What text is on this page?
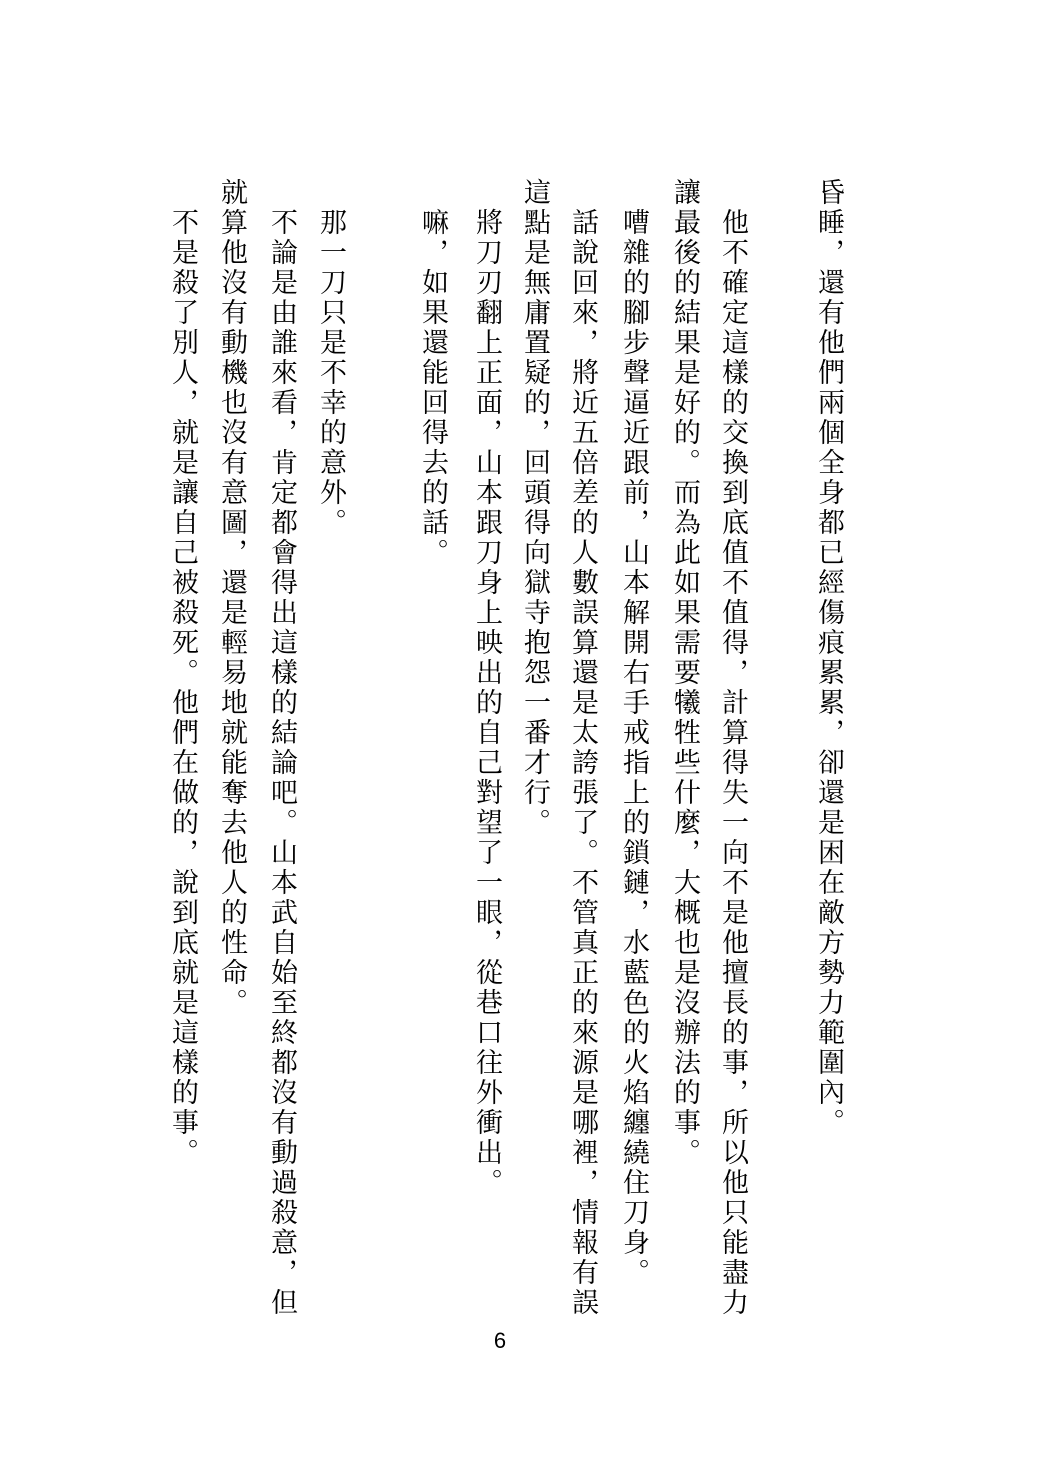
昏睡，還有他們兩個全身都已經傷痕累累，卻還是困在敵方勢力範圍內。
　他不確定這樣的交換到底值不值得，計算得失一向不是他擅長的事，所以他只能盡力
讓最後的結果是好的。而為此如果需要犧牲些什麼，大概也是沒辦法的事。
　嘈雜的腳步聲逼近跟前，山本解開右手戒指上的鎖鏈，水藍色的火焰纏繞住刀身。
　話說回來，將近五倍差的人數誤算還是太誇張了。不管真正的來源是哪裡，情報有誤
這點是無庸置疑的，回頭得向獄寺抱怨一番才行。
　將刀刃翻上正面，山本跟刀身上映出的自己對望了一眼，從巷口往外衝出。
　嘛，如果還能回得去的話。
　那一刀只是不幸的意外。
　不論是由誰來看，肯定都會得出這樣的結論吧。山本武自始至終都沒有動過殺意，但
就算他沒有動機也沒有意圖，還是輕易地就能奪去他人的性命。
　不是殺了別人，就是讓自己被殺死。他們在做的，說到底就是這樣的事。
6
